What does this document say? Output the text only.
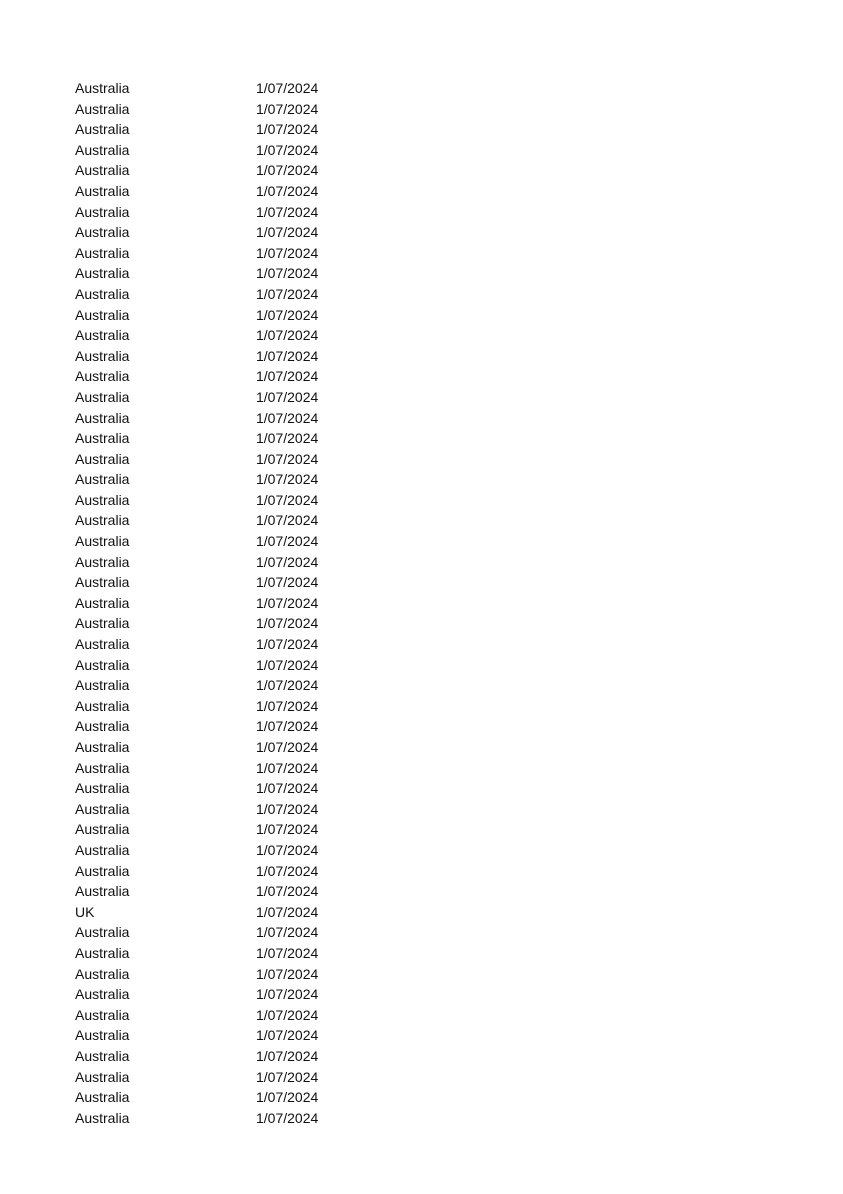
Australia	1/07/2024
Australia	1/07/2024
Australia	1/07/2024
Australia	1/07/2024
Australia	1/07/2024
Australia	1/07/2024
Australia	1/07/2024
Australia	1/07/2024
Australia	1/07/2024
Australia	1/07/2024
Australia	1/07/2024
Australia	1/07/2024
Australia	1/07/2024
Australia	1/07/2024
Australia	1/07/2024
Australia	1/07/2024
Australia	1/07/2024
Australia	1/07/2024
Australia	1/07/2024
Australia	1/07/2024
Australia	1/07/2024
Australia	1/07/2024
Australia	1/07/2024
Australia	1/07/2024
Australia	1/07/2024
Australia	1/07/2024
Australia	1/07/2024
Australia	1/07/2024
Australia	1/07/2024
Australia	1/07/2024
Australia	1/07/2024
Australia	1/07/2024
Australia	1/07/2024
Australia	1/07/2024
Australia	1/07/2024
Australia	1/07/2024
Australia	1/07/2024
Australia	1/07/2024
Australia	1/07/2024
Australia	1/07/2024
UK	1/07/2024
Australia	1/07/2024
Australia	1/07/2024
Australia	1/07/2024
Australia	1/07/2024
Australia	1/07/2024
Australia	1/07/2024
Australia	1/07/2024
Australia	1/07/2024
Australia	1/07/2024
Australia	1/07/2024
